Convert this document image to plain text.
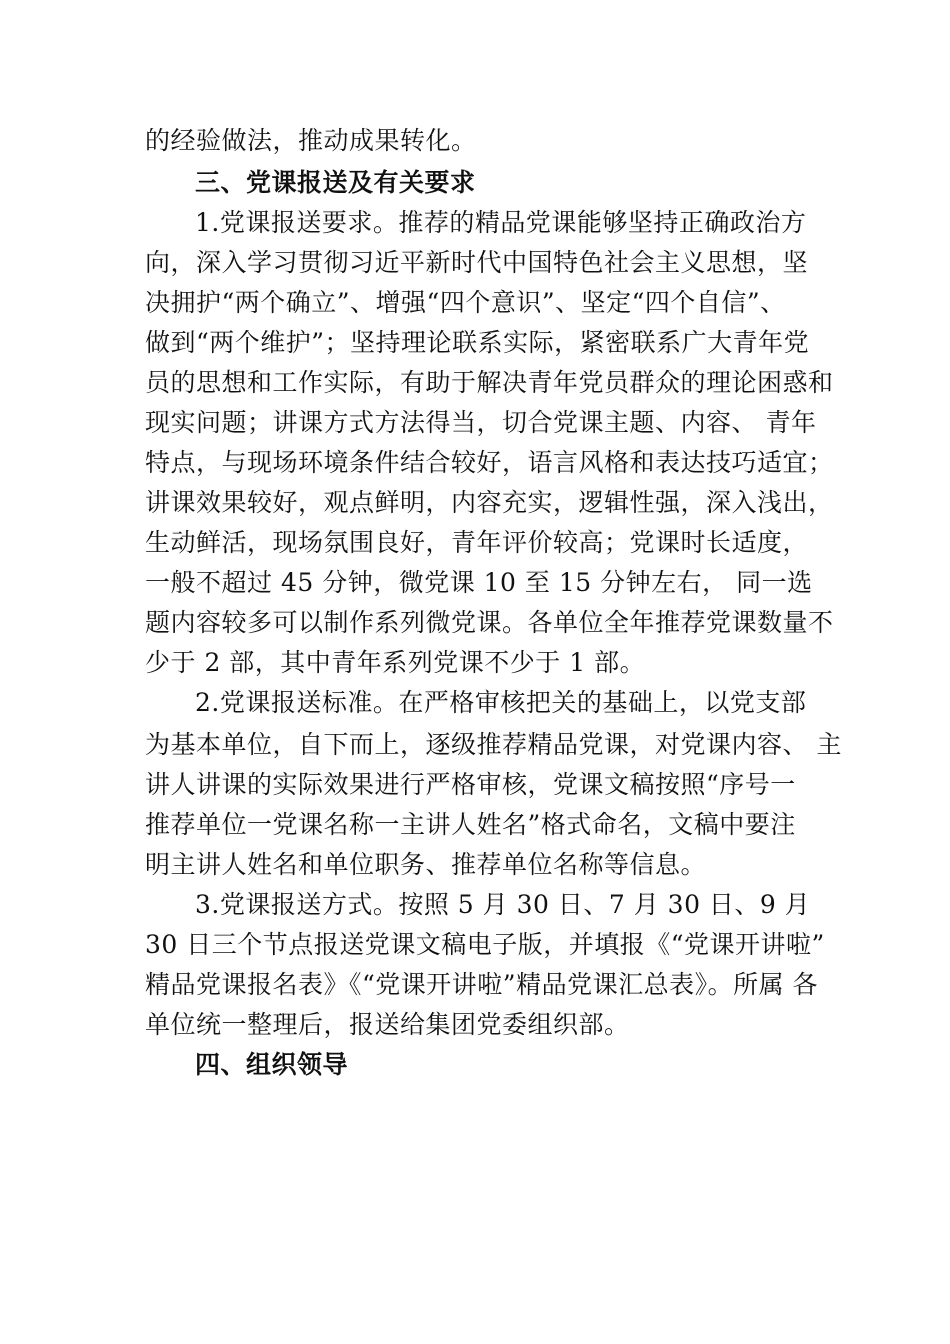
的经验做法，推动成果转化。
三、党课报送及有关要求
1.党课报送要求。推荐的精品党课能够坚持正确政治方
向，深入学习贯彻习近平新时代中国特色社会主义思想，坚
决拥护“两个确立”、增强“四个意识”、坚定“四个自信”、
做到“两个维护”；坚持理论联系实际，紧密联系广大青年党
员的思想和工作实际，有助于解决青年党员群众的理论困惑和
现实问题；讲课方式方法得当，切合党课主题、内容、 青年
特点，与现场环境条件结合较好，语言风格和表达技巧适宜；
讲课效果较好，观点鲜明，内容充实，逻辑性强，深入浅出，
生动鲜活，现场氛围良好，青年评价较高；党课时长适度，
一般不超过 45 分钟，微党课 10 至 15 分钟左右， 同一选
题内容较多可以制作系列微党课。各单位全年推荐党课数量不
少于 2 部，其中青年系列党课不少于 1 部。
2.党课报送标准。在严格审核把关的基础上，以党支部
为基本单位，自下而上，逐级推荐精品党课，对党课内容、 主
讲人讲课的实际效果进行严格审核，党课文稿按照“序号一
推荐单位一党课名称一主讲人姓名”格式命名，文稿中要注
明主讲人姓名和单位职务、推荐单位名称等信息。
3.党课报送方式。按照 5 月 30 日、7 月 30 日、9 月
30 日三个节点报送党课文稿电子版，并填报《“党课开讲啦”
精品党课报名表》《“党课开讲啦”精品党课汇总表》。所属 各
单位统一整理后，报送给集团党委组织部。
四、组织领导
